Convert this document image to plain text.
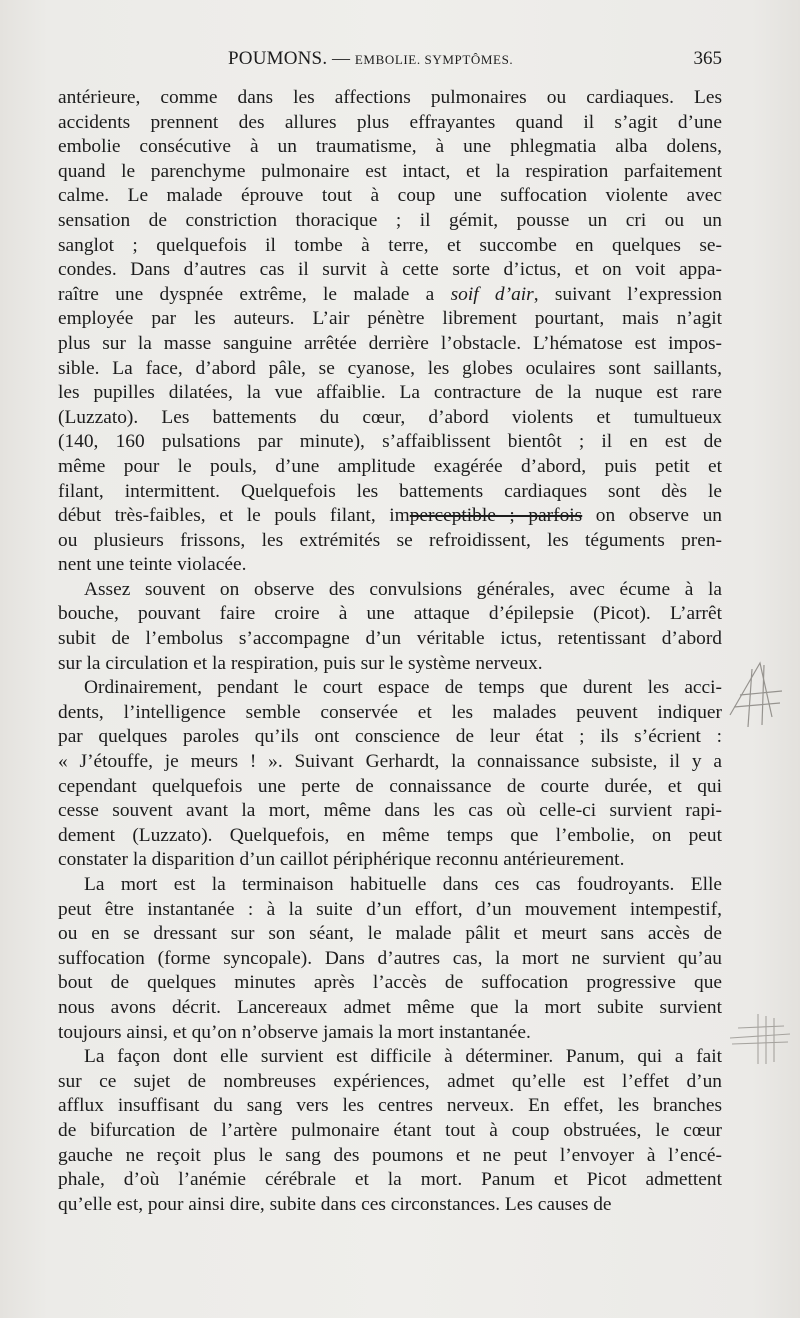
POUMONS. — EMBOLIE. SYMPTÔMES.	365
antérieure, comme dans les affections pulmonaires ou cardiaques. Les
accidents prennent des allures plus effrayantes quand il s’agit d’une
embolie consécutive à un traumatisme, à une phlegmatia alba dolens,
quand le parenchyme pulmonaire est intact, et la respiration parfaitement
calme. Le malade éprouve tout à coup une suffocation violente avec
sensation de constriction thoracique ; il gémit, pousse un cri ou un
sanglot ; quelquefois il tombe à terre, et succombe en quelques se-
condes. Dans d’autres cas il survit à cette sorte d’ictus, et on voit appa-
raître une dyspnée extrême, le malade a soif d’air, suivant l’expression
employée par les auteurs. L’air pénètre librement pourtant, mais n’agit
plus sur la masse sanguine arrêtée derrière l’obstacle. L’hématose est impos-
sible. La face, d’abord pâle, se cyanose, les globes oculaires sont saillants,
les pupilles dilatées, la vue affaiblie. La contracture de la nuque est rare
(Luzzato). Les battements du cœur, d’abord violents et tumultueux
(140, 160 pulsations par minute), s’affaiblissent bientôt ; il en est de
même pour le pouls, d’une amplitude exagérée d’abord, puis petit et
filant, intermittent. Quelquefois les battements cardiaques sont dès le
début très-faibles, et le pouls filant, imperceptible ; parfois on observe un
ou plusieurs frissons, les extrémités se refroidissent, les téguments pren-
nent une teinte violacée.
Assez souvent on observe des convulsions générales, avec écume à la
bouche, pouvant faire croire à une attaque d’épilepsie (Picot). L’arrêt
subit de l’embolus s’accompagne d’un véritable ictus, retentissant d’abord
sur la circulation et la respiration, puis sur le système nerveux.
Ordinairement, pendant le court espace de temps que durent les acci-
dents, l’intelligence semble conservée et les malades peuvent indiquer
par quelques paroles qu’ils ont conscience de leur état ; ils s’écrient :
« J’étouffe, je meurs ! ». Suivant Gerhardt, la connaissance subsiste, il y a
cependant quelquefois une perte de connaissance de courte durée, et qui
cesse souvent avant la mort, même dans les cas où celle-ci survient rapi-
dement (Luzzato). Quelquefois, en même temps que l’embolie, on peut
constater la disparition d’un caillot périphérique reconnu antérieurement.
La mort est la terminaison habituelle dans ces cas foudroyants. Elle
peut être instantanée : à la suite d’un effort, d’un mouvement intempestif,
ou en se dressant sur son séant, le malade pâlit et meurt sans accès de
suffocation (forme syncopale). Dans d’autres cas, la mort ne survient qu’au
bout de quelques minutes après l’accès de suffocation progressive que
nous avons décrit. Lancereaux admet même que la mort subite survient
toujours ainsi, et qu’on n’observe jamais la mort instantanée.
La façon dont elle survient est difficile à déterminer. Panum, qui a fait
sur ce sujet de nombreuses expériences, admet qu’elle est l’effet d’un
afflux insuffisant du sang vers les centres nerveux. En effet, les branches
de bifurcation de l’artère pulmonaire étant tout à coup obstruées, le cœur
gauche ne reçoit plus le sang des poumons et ne peut l’envoyer à l’encé-
phale, d’où l’anémie cérébrale et la mort. Panum et Picot admettent
qu’elle est, pour ainsi dire, subite dans ces circonstances. Les causes de
